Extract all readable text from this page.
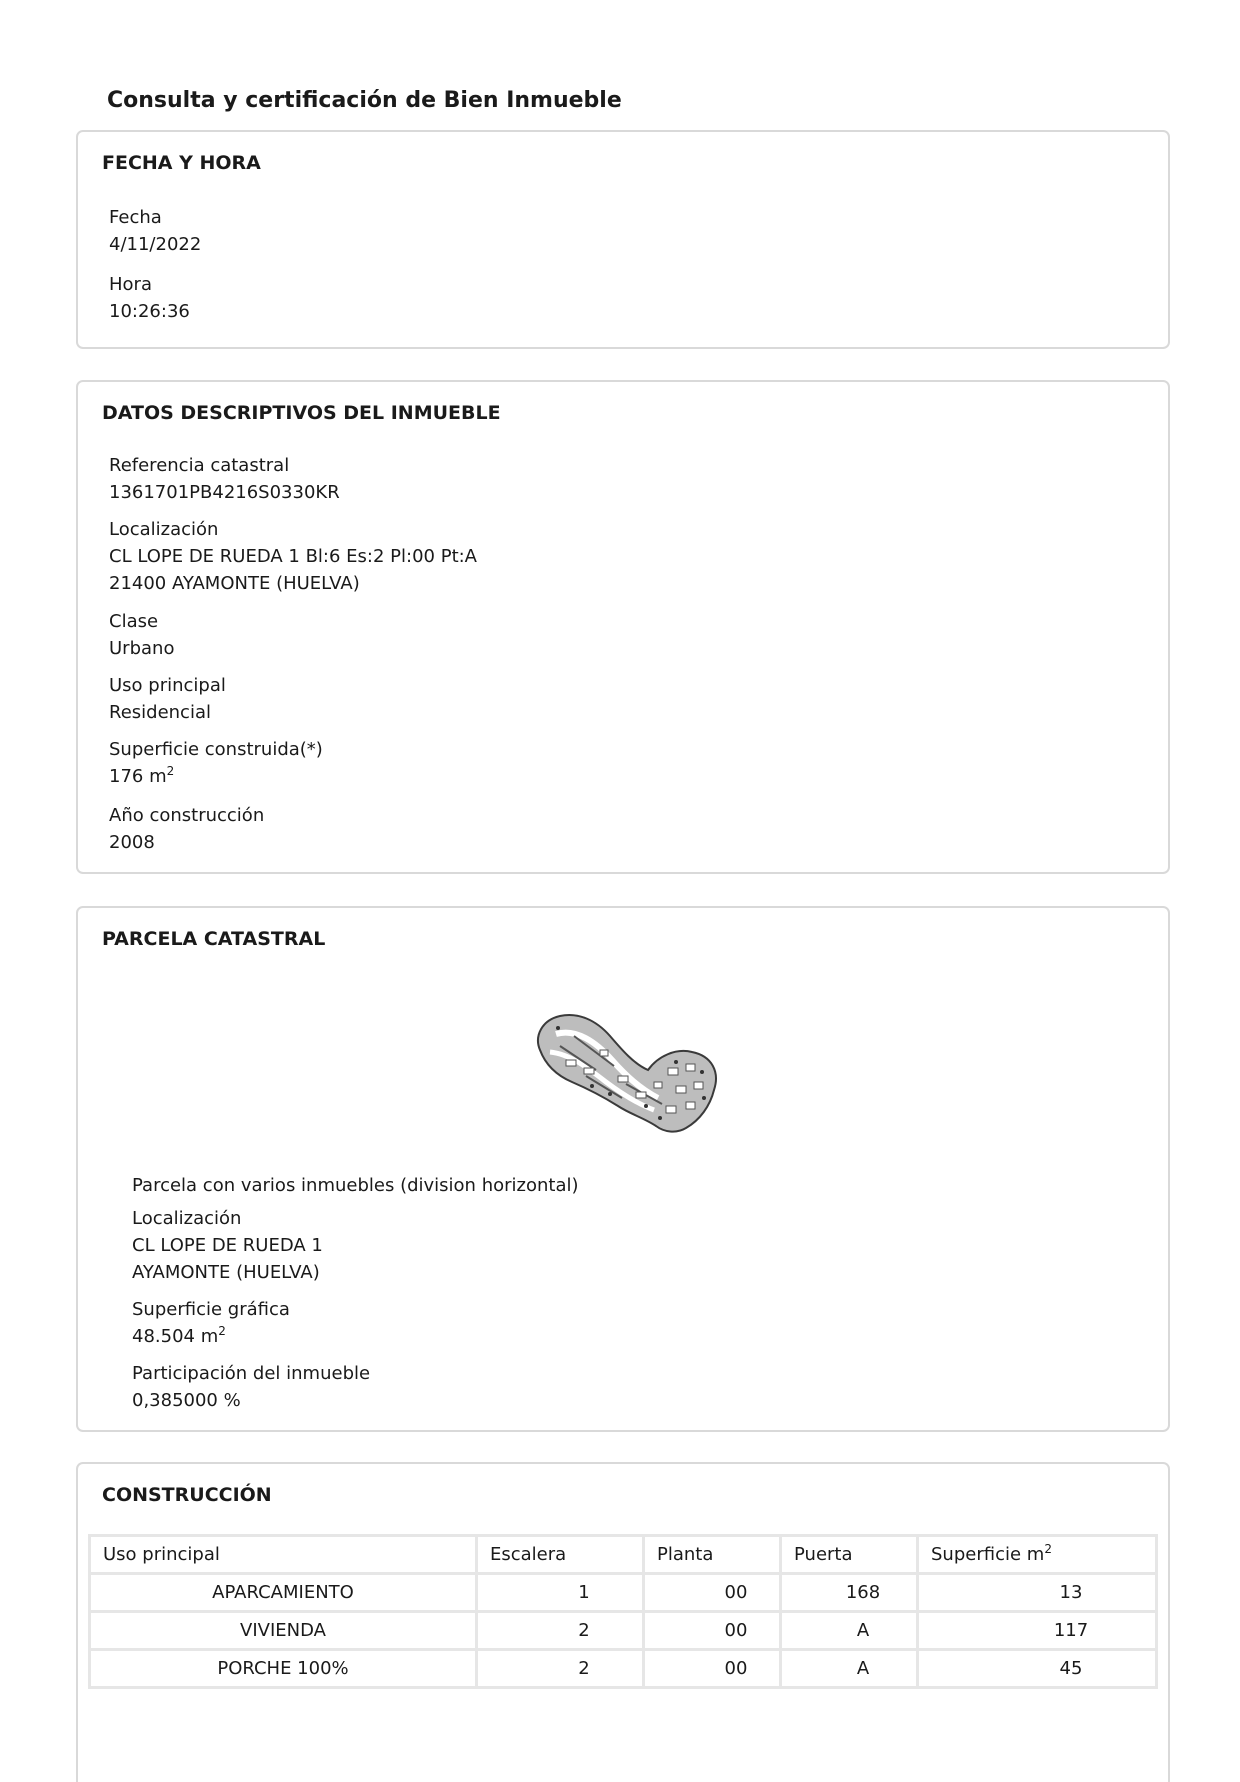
Consulta y certificación de Bien Inmueble
FECHA Y HORA
Fecha
4/11/2022
Hora
10:26:36
DATOS DESCRIPTIVOS DEL INMUEBLE
Referencia catastral
1361701PB4216S0330KR
Localización
CL LOPE DE RUEDA 1 Bl:6 Es:2 Pl:00 Pt:A
21400 AYAMONTE (HUELVA)
Clase
Urbano
Uso principal
Residencial
Superficie construida(*)
176 $m^2$
Año construcción
2008
PARCELA CATASTRAL
Parcela con varios inmuebles (division horizontal)
Localización
CL LOPE DE RUEDA 1
AYAMONTE (HUELVA)
Superficie gráfica
48.504 $m^2$
Participación del inmueble
0,385000 %
CONSTRUCCIÓN
Uso principal	Escalera	Planta	Puerta	Superficie $m^2$
APARCAMIENTO	1	00	168	13
VIVIENDA	2	00	A	117
PORCHE 100%	2	00	A	45
